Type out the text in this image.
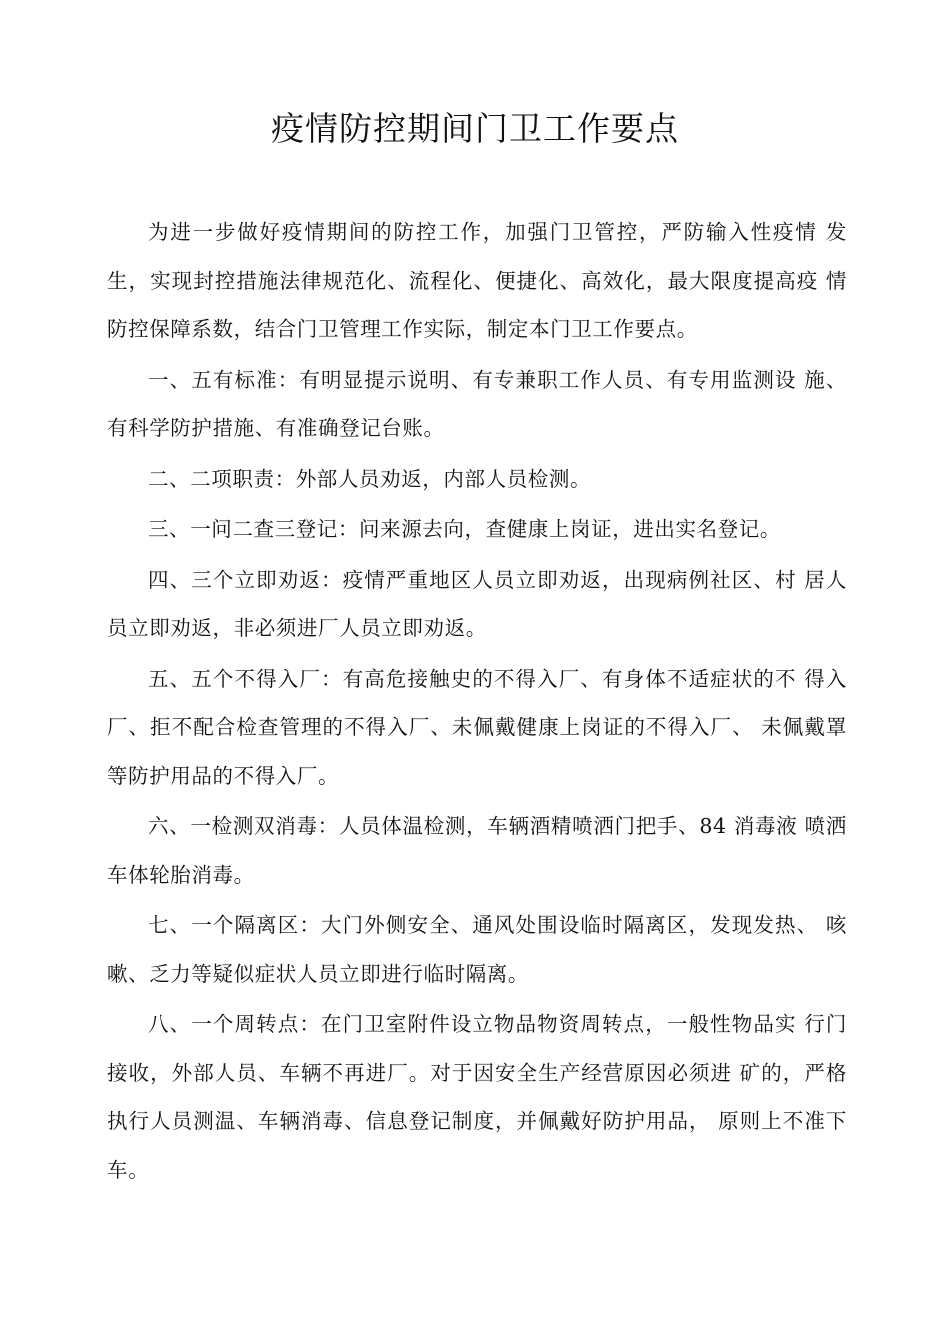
疫情防控期间门卫工作要点

为进一步做好疫情期间的防控工作，加强门卫管控，严防输入性疫情 发生，实现封控措施法律规范化、流程化、便捷化、高效化，最大限度提高疫 情防控保障系数，结合门卫管理工作实际，制定本门卫工作要点。

一、五有标准：有明显提示说明、有专兼职工作人员、有专用监测设 施、有科学防护措施、有准确登记台账。

二、二项职责：外部人员劝返，内部人员检测。

三、一问二查三登记：问来源去向，查健康上岗证，进出实名登记。

四、三个立即劝返：疫情严重地区人员立即劝返，出现病例社区、村 居人员立即劝返，非必须进厂人员立即劝返。

五、五个不得入厂：有高危接触史的不得入厂、有身体不适症状的不 得入厂、拒不配合检查管理的不得入厂、未佩戴健康上岗证的不得入厂、 未佩戴罩等防护用品的不得入厂。

六、一检测双消毒：人员体温检测，车辆酒精喷洒门把手、84 消毒液 喷洒车体轮胎消毒。

七、一个隔离区：大门外侧安全、通风处围设临时隔离区，发现发热、 咳嗽、乏力等疑似症状人员立即进行临时隔离。

八、一个周转点：在门卫室附件设立物品物资周转点，一般性物品实 行门接收，外部人员、车辆不再进厂。对于因安全生产经营原因必须进 矿的，严格执行人员测温、车辆消毒、信息登记制度，并佩戴好防护用品， 原则上不准下车。
